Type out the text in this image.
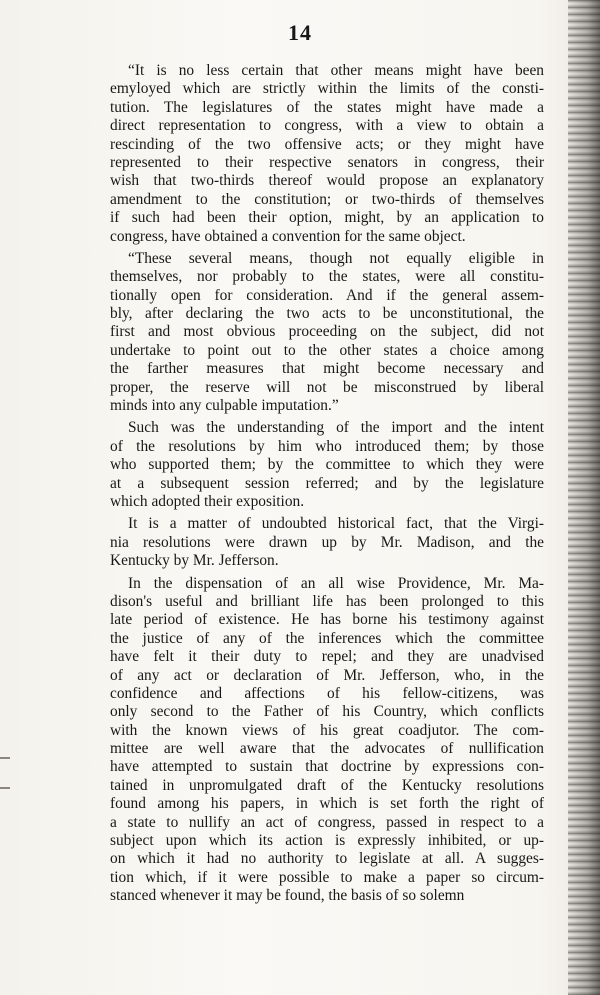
14
“It is no less certain that other means might have been
emyloyed which are strictly within the limits of the consti-
tution. The legislatures of the states might have made a
direct representation to congress, with a view to obtain a
rescinding of the two offensive acts; or they might have
represented to their respective senators in congress, their
wish that two-thirds thereof would propose an explanatory
amendment to the constitution; or two-thirds of themselves
if such had been their option, might, by an application to
congress, have obtained a convention for the same object.
“These several means, though not equally eligible in
themselves, nor probably to the states, were all constitu-
tionally open for consideration. And if the general assem-
bly, after declaring the two acts to be unconstitutional, the
first and most obvious proceeding on the subject, did not
undertake to point out to the other states a choice among
the farther measures that might become necessary and
proper, the reserve will not be misconstrued by liberal
minds into any culpable imputation.”
Such was the understanding of the import and the intent
of the resolutions by him who introduced them; by those
who supported them; by the committee to which they were
at a subsequent session referred; and by the legislature
which adopted their exposition.
It is a matter of undoubted historical fact, that the Virgi-
nia resolutions were drawn up by Mr. Madison, and the
Kentucky by Mr. Jefferson.
In the dispensation of an all wise Providence, Mr. Ma-
dison's useful and brilliant life has been prolonged to this
late period of existence. He has borne his testimony against
the justice of any of the inferences which the committee
have felt it their duty to repel; and they are unadvised
of any act or declaration of Mr. Jefferson, who, in the
confidence and affections of his fellow-citizens, was
only second to the Father of his Country, which conflicts
with the known views of his great coadjutor. The com-
mittee are well aware that the advocates of nullification
have attempted to sustain that doctrine by expressions con-
tained in unpromulgated draft of the Kentucky resolutions
found among his papers, in which is set forth the right of
a state to nullify an act of congress, passed in respect to a
subject upon which its action is expressly inhibited, or up-
on which it had no authority to legislate at all. A sugges-
tion which, if it were possible to make a paper so circum-
stanced whenever it may be found, the basis of so solemn
